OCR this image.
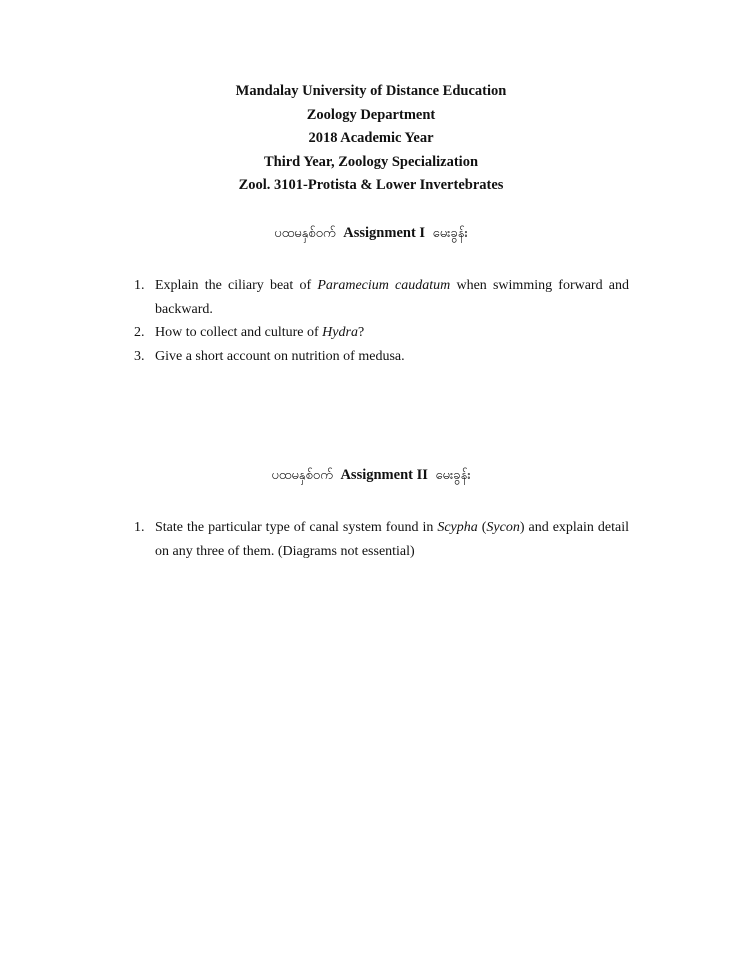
Mandalay University of Distance Education
Zoology Department
2018 Academic Year
Third Year, Zoology Specialization
Zool. 3101-Protista & Lower Invertebrates
ပထမနှစ်ဝက် Assignment I မေးခွန်း
1. Explain the ciliary beat of Paramecium caudatum when swimming forward and backward.
2. How to collect and culture of Hydra?
3. Give a short account on nutrition of medusa.
ပထမနှစ်ဝက် Assignment II မေးခွန်း
1. State the particular type of canal system found in Scypha (Sycon) and explain detail on any three of them. (Diagrams not essential)
